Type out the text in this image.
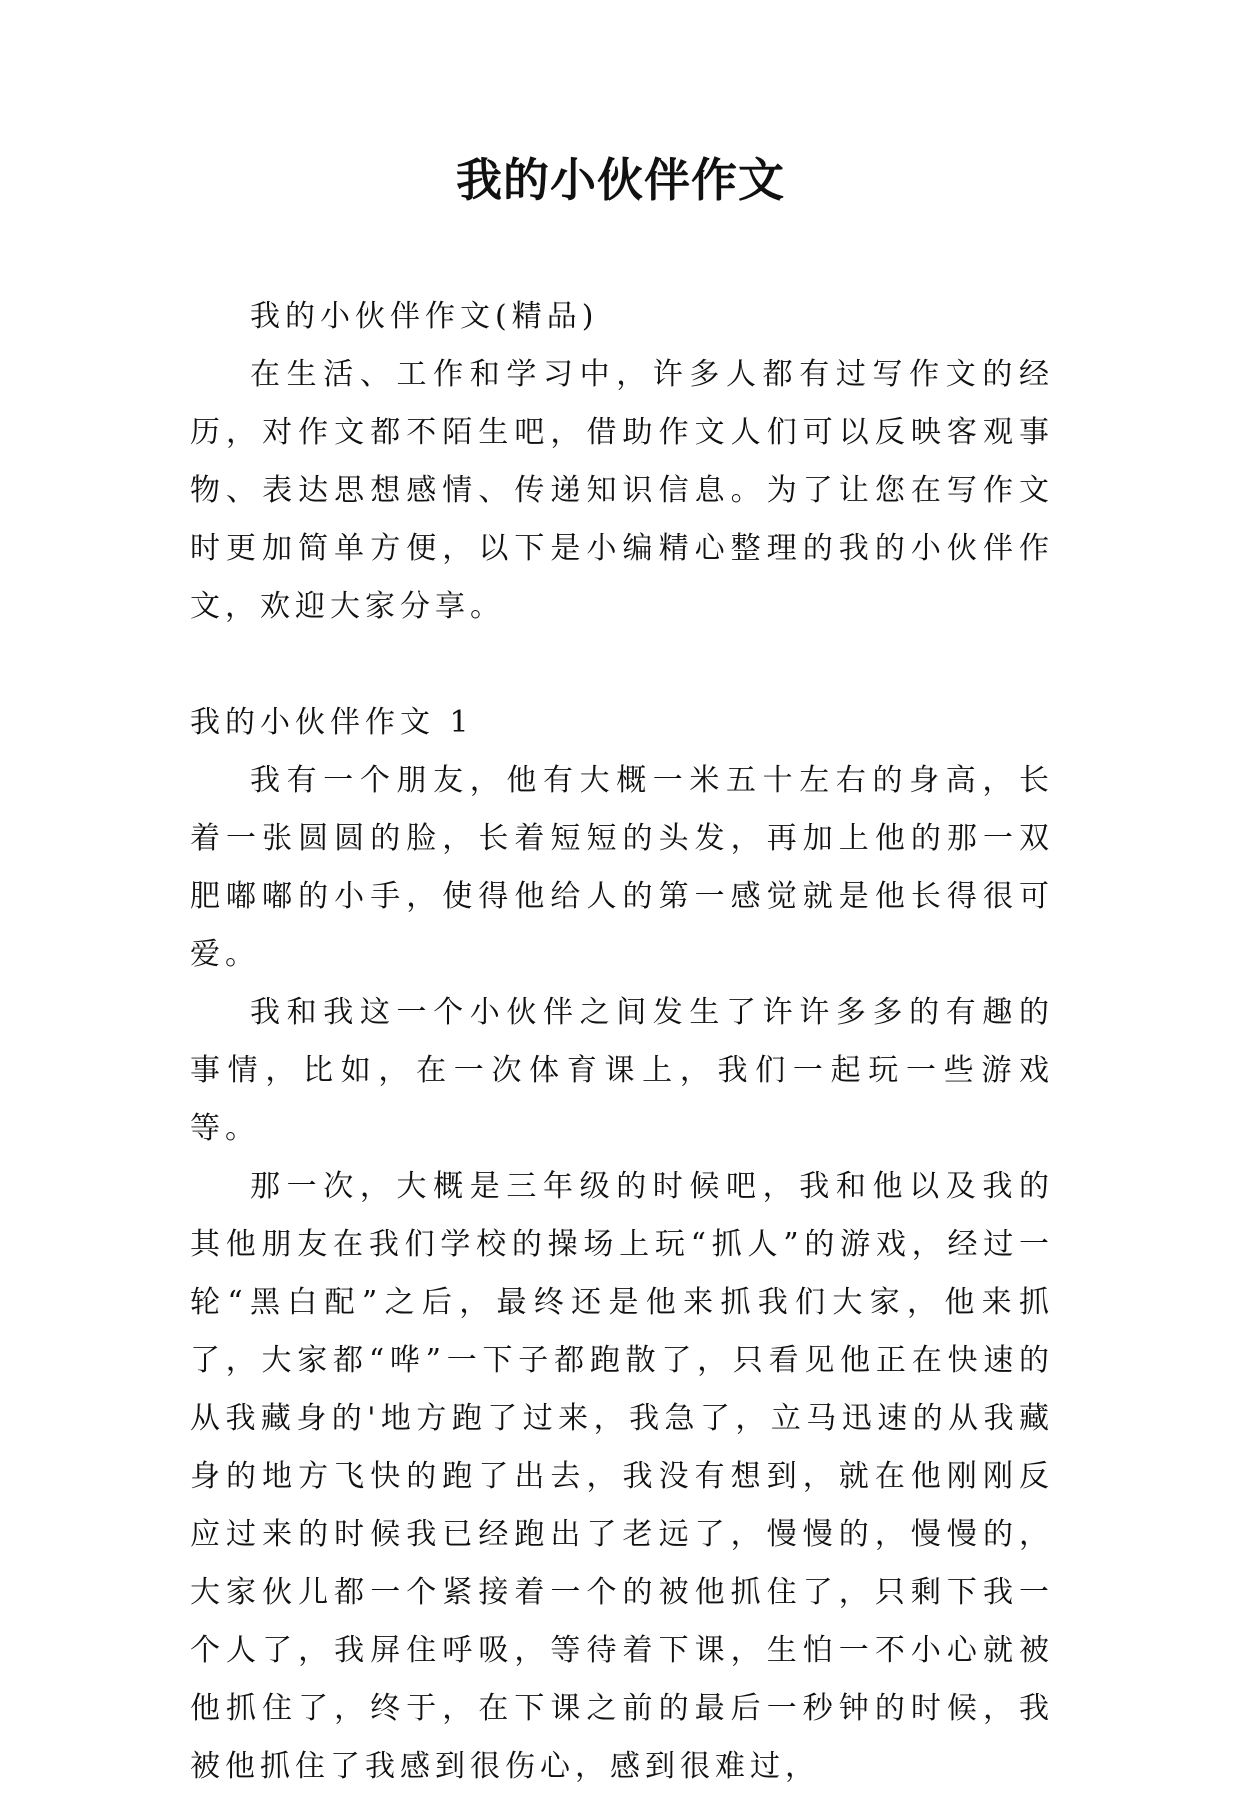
我的小伙伴作文

我的小伙伴作文(精品)

在生活、工作和学习中，许多人都有过写作文的经历，对作文都不陌生吧，借助作文人们可以反映客观事物、表达思想感情、传递知识信息。为了让您在写作文时更加简单方便，以下是小编精心整理的我的小伙伴作文，欢迎大家分享。

我的小伙伴作文 1

我有一个朋友，他有大概一米五十左右的身高，长着一张圆圆的脸，长着短短的头发，再加上他的那一双肥嘟嘟的小手，使得他给人的第一感觉就是他长得很可爱。

我和我这一个小伙伴之间发生了许许多多的有趣的事情，比如，在一次体育课上，我们一起玩一些游戏等。

那一次，大概是三年级的时候吧，我和他以及我的其他朋友在我们学校的操场上玩“抓人”的游戏，经过一轮“黑白配”之后，最终还是他来抓我们大家，他来抓了，大家都“哗”一下子都跑散了，只看见他正在快速的从我藏身的'地方跑了过来，我急了，立马迅速的从我藏身的地方飞快的跑了出去，我没有想到，就在他刚刚反应过来的时候我已经跑出了老远了，慢慢的，慢慢的，大家伙儿都一个紧接着一个的被他抓住了，只剩下我一个人了，我屏住呼吸，等待着下课，生怕一不小心就被他抓住了，终于，在下课之前的最后一秒钟的时候，我被他抓住了我感到很伤心，感到很难过，
